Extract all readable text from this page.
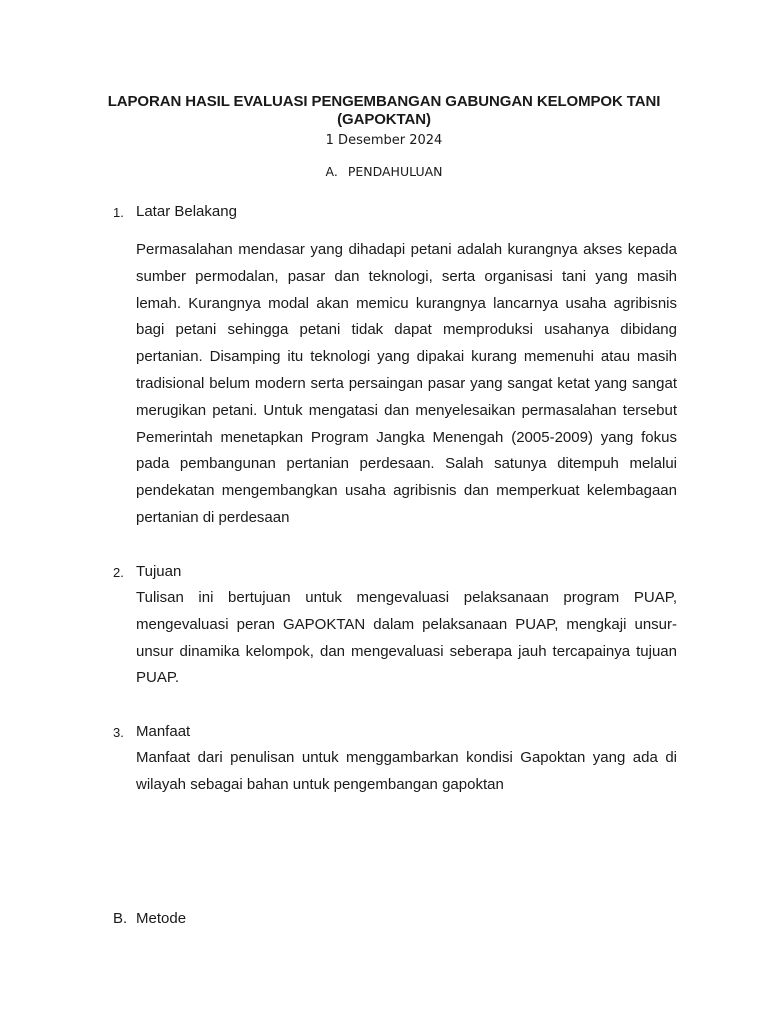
LAPORAN HASIL EVALUASI PENGEMBANGAN GABUNGAN KELOMPOK TANI
(GAPOKTAN)
1 Desember 2024
A. PENDAHULUAN
1. Latar Belakang

Permasalahan mendasar yang dihadapi petani adalah kurangnya akses kepada sumber permodalan, pasar dan teknologi, serta organisasi tani yang masih lemah. Kurangnya modal akan memicu kurangnya lancarnya usaha agribisnis bagi petani sehingga petani tidak dapat memproduksi usahanya dibidang pertanian. Disamping itu teknologi yang dipakai kurang memenuhi atau masih tradisional belum modern serta persaingan pasar yang sangat ketat yang sangat merugikan petani. Untuk mengatasi dan menyelesaikan permasalahan tersebut Pemerintah menetapkan Program Jangka Menengah (2005-2009) yang fokus pada pembangunan pertanian perdesaan. Salah satunya ditempuh melalui pendekatan mengembangkan usaha agribisnis dan memperkuat kelembagaan pertanian di perdesaan

2. Tujuan

Tulisan ini bertujuan untuk mengevaluasi pelaksanaan program PUAP, mengevaluasi peran GAPOKTAN dalam pelaksanaan PUAP, mengkaji unsur-unsur dinamika kelompok, dan mengevaluasi seberapa jauh tercapainya tujuan PUAP.

3. Manfaat

Manfaat dari penulisan untuk menggambarkan kondisi Gapoktan yang ada di wilayah sebagai bahan untuk pengembangan gapoktan

B. Metode
